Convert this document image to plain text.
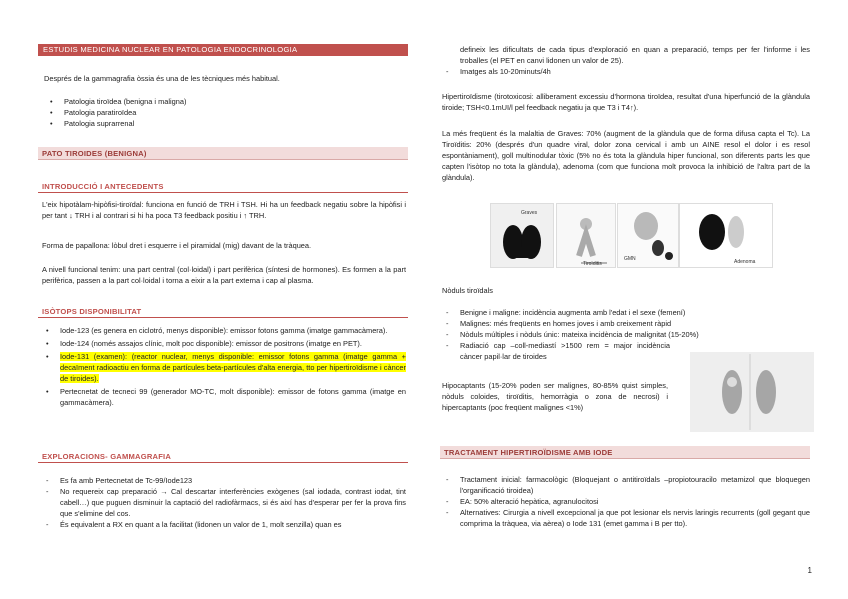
ESTUDIS MEDICINA NUCLEAR EN PATOLOGIA ENDOCRINOLOGIA
Després de la gammagrafia òssia és una de les tècniques més habitual.
• Patologia tiroïdea (benigna i maligna)
• Patologia paratiroïdea
• Patologia suprarrenal
PATO TIROIDES (BENIGNA)
INTRODUCCIÓ I ANTECEDENTS
L'eix hipotàlam-hipòfisi-tiroïdal: funciona en funció de TRH i TSH. Hi ha un feedback negatiu sobre la hipòfisi i per tant ↓ TRH i al contrari si hi ha poca T3 feedback positiu i ↑ TRH.
Forma de papallona: lòbul dret i esquerre i el piramidal (mig) davant de la tràquea.
A nivell funcional tenim: una part central (col·loidal) i part perifèrica (síntesi de hormones). Es formen a la part perifèrica, passen a la part col·loidal i torna a eixir a la part externa i cap al plasma.
ISÒTOPS DISPONIBILITAT
• Iode-123 (es genera en ciclotró, menys disponible): emissor fotons gamma (imatge gammacàmera).
• Iode-124 (només assajos clínic, molt poc disponible): emissor de positrons (imatge en PET).
• Iode-131 (examen): (reactor nuclear, menys disponible: emissor fotons gamma (imatge gamma + decaïment radioactiu en forma de partícules beta-partícules d'alta energia, tto per hipertiroïdisme i càncer de tiroides).
• Pertecnetat de tecneci 99 (generador MO-TC, molt disponible): emissor de fotons gamma (imatge en gammacàmera).
EXPLORACIONS- GAMMAGRAFIA
- Es fa amb Pertecnetat de Tc-99/Iode123
- No requereix cap preparació → Cal descartar interferències exògenes (sal iodada, contrast iodat, tint cabell…) que puguen disminuir la captació del radiofàrmacs, si és així has d'esperar per fer la prova fins que s'elimine del cos.
- És equivalent a RX en quant a la facilitat (lidonen un valor de 1, molt senzilla) quan es
defineix les dificultats de cada tipus d'exploració en quan a preparació, temps per fer l'informe i les troballes (el PET en canvi lidonen un valor de 25).
- Imatges als 10-20minuts/4h
Hipertiroïdisme (tirotoxicosi: alliberament excessiu d'hormona tiroïdea, resultat d'una hiperfunció de la glàndula tiroide; TSH<0.1mUI/l pel feedback negatiu ja que T3 i T4↑).
La més freqüent és la malaltia de Graves: 70% (augment de la glàndula que de forma difusa capta el Tc). La Tiroïditis: 20% (després d'un quadre viral, dolor zona cervical i amb un AINE resol el dolor i es resol espontàniament), goll multinodular tòxic (5% no és tota la glàndula hiper funcional, son diferents parts les que capten l'isòtop no tota la glàndula), adenoma (com que funciona molt provoca la inhibició de l'altra part de la glàndula).
Graves
Tiroïditis
GMN	Adenoma
Nòduls tiroïdals
- Benigne i maligne: incidència augmenta amb l'edat i el sexe (femení)
- Malignes: més freqüents en homes joves i amb creixement ràpid
- Nòduls múltiples i nòduls únic: mateixa incidència de malignitat (15-20%)
- Radiació cap –coll-mediastí >1500 rem = major incidència càncer papil·lar de tiroides
Hipocaptants (15-20% poden ser malignes, 80-85% quist simples, nòduls coloides, tiroïditis, hemorràgia o zona de necrosi) i hipercaptants (poc freqüent malignes <1%)
TRACTAMENT HIPERTIROÏDISME AMB IODE
- Tractament inicial: farmacològic (Bloquejant o antitiroïdals –propiotouracilo metamizol que bloquegen l'organificació tiroidea)
- EA: 50% alteració hepàtica, agranulocitosi
- Alternatives: Cirurgia a nivell excepcional ja que pot lesionar els nervis laringis recurrents (goll gegant que comprima la tràquea, via aèrea) o Iode 131 (emet gamma i B per tto).
1
